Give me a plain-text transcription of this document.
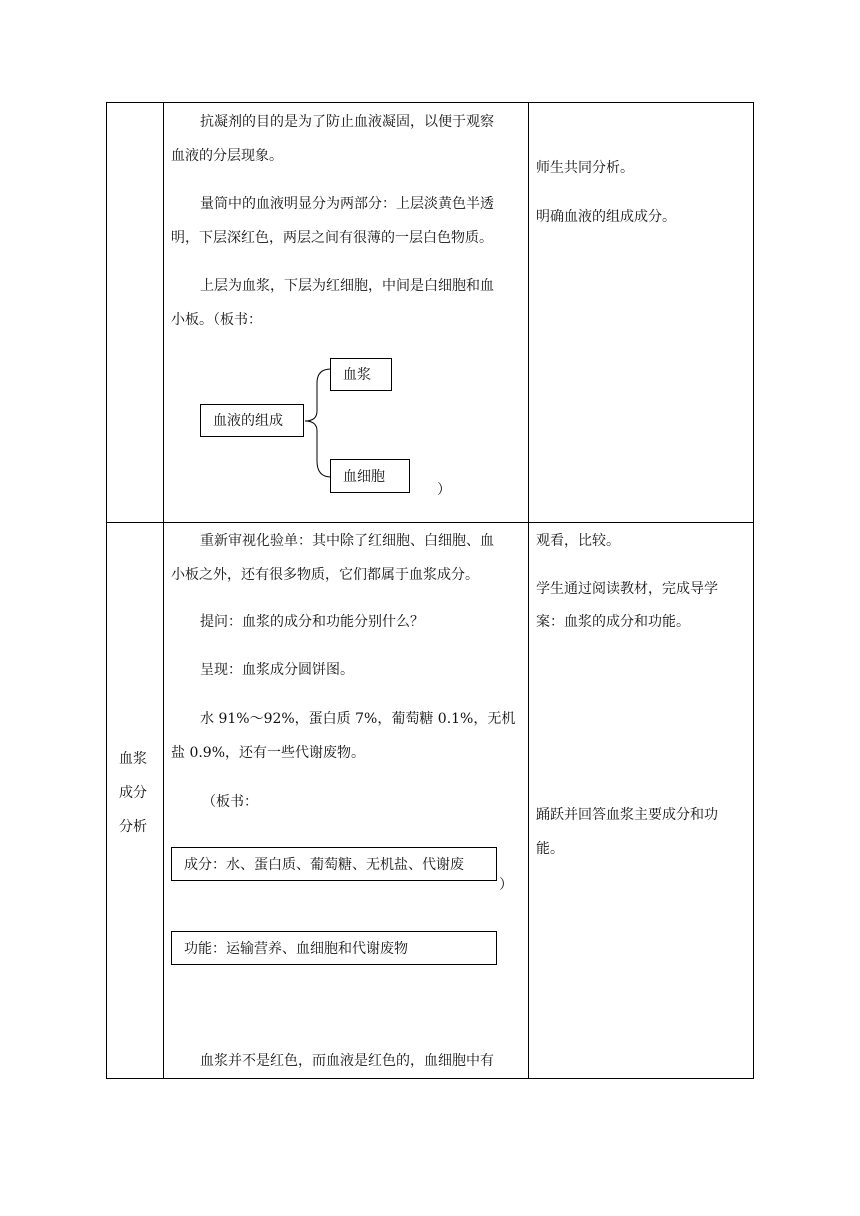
抗凝剂的目的是为了防止血液凝固，以便于观察
血液的分层现象。
量筒中的血液明显分为两部分：上层淡黄色半透
明，下层深红色，两层之间有很薄的一层白色物质。
上层为血浆，下层为红细胞，中间是白细胞和血
小板。（板书：
血液的组成
血浆
血细胞
）
师生共同分析。
明确血液的组成成分。
血浆
成分
分析
重新审视化验单：其中除了红细胞、白细胞、血
小板之外，还有很多物质，它们都属于血浆成分。
提问：血浆的成分和功能分别什么？
呈现：血浆成分圆饼图。
水 91%～92%，蛋白质 7%，葡萄糖 0.1%，无机
盐 0.9%，还有一些代谢废物。
（板书：
成分：水、蛋白质、葡萄糖、无机盐、代谢废
）
功能：运输营养、血细胞和代谢废物
血浆并不是红色，而血液是红色的，血细胞中有
观看，比较。
学生通过阅读教材，完成导学
案：血浆的成分和功能。
踊跃并回答血浆主要成分和功
能。
